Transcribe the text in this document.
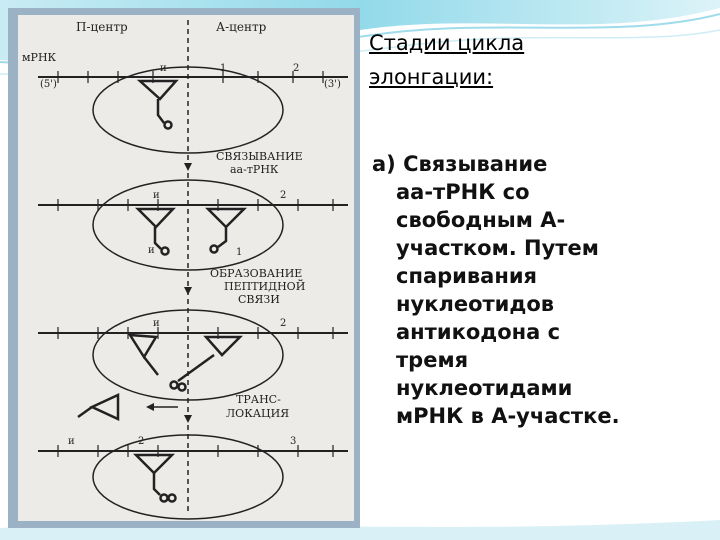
П-центр	А-центр
мРНК
(5')	(3')
и	1	2
СВЯЗЫВАНИЕ
аа-тРНК
и	2
и	1
ОБРАЗОВАНИЕ
ПЕПТИДНОЙ
СВЯЗИ
и	2
ТРАНС-
ЛОКАЦИЯ
и	2	3
Стадии цикла
элонгации:
а) Связывание
аа-тРНК со
свободным А-
участком. Путем
спаривания
нуклеотидов
антикодона с
тремя
нуклеотидами
мРНК в А-участке.
